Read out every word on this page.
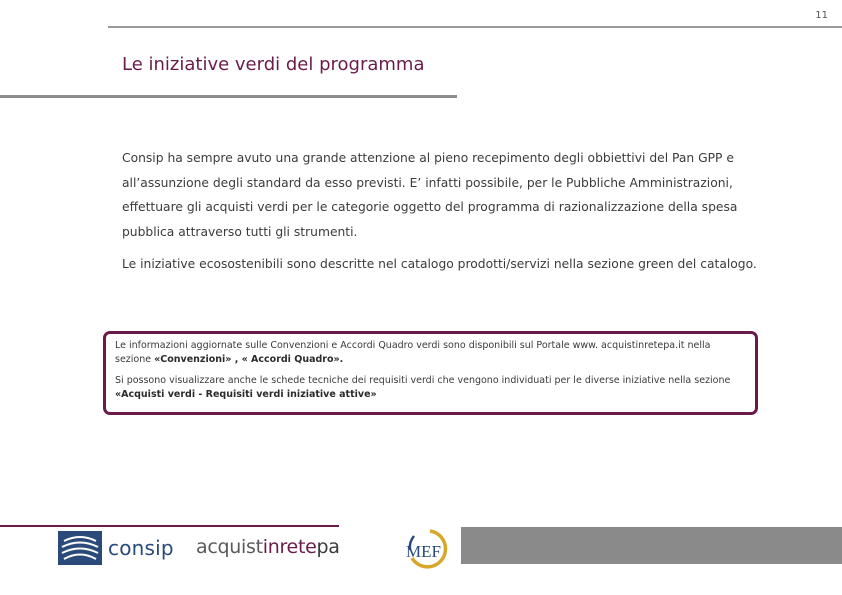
11
Le iniziative verdi del programma

Consip ha sempre avuto una grande attenzione al pieno recepimento degli obbiettivi del Pan GPP e all’assunzione degli standard da esso previsti. E’ infatti possibile, per le Pubbliche Amministrazioni, effettuare gli acquisti verdi per le categorie oggetto del programma di razionalizzazione della spesa pubblica attraverso tutti gli strumenti.

Le iniziative ecosostenibili sono descritte nel catalogo prodotti/servizi nella sezione green del catalogo.

Le informazioni aggiornate sulle Convenzioni e Accordi Quadro verdi sono disponibili sul Portale www. acquistinretepa.it nella sezione «Convenzioni» , « Accordi Quadro».

Si possono visualizzare anche le schede tecniche dei requisiti verdi che vengono individuati per le diverse iniziative nella sezione «Acquisti verdi - Requisiti verdi iniziative attive»

consip acquistinretepa	MEF
